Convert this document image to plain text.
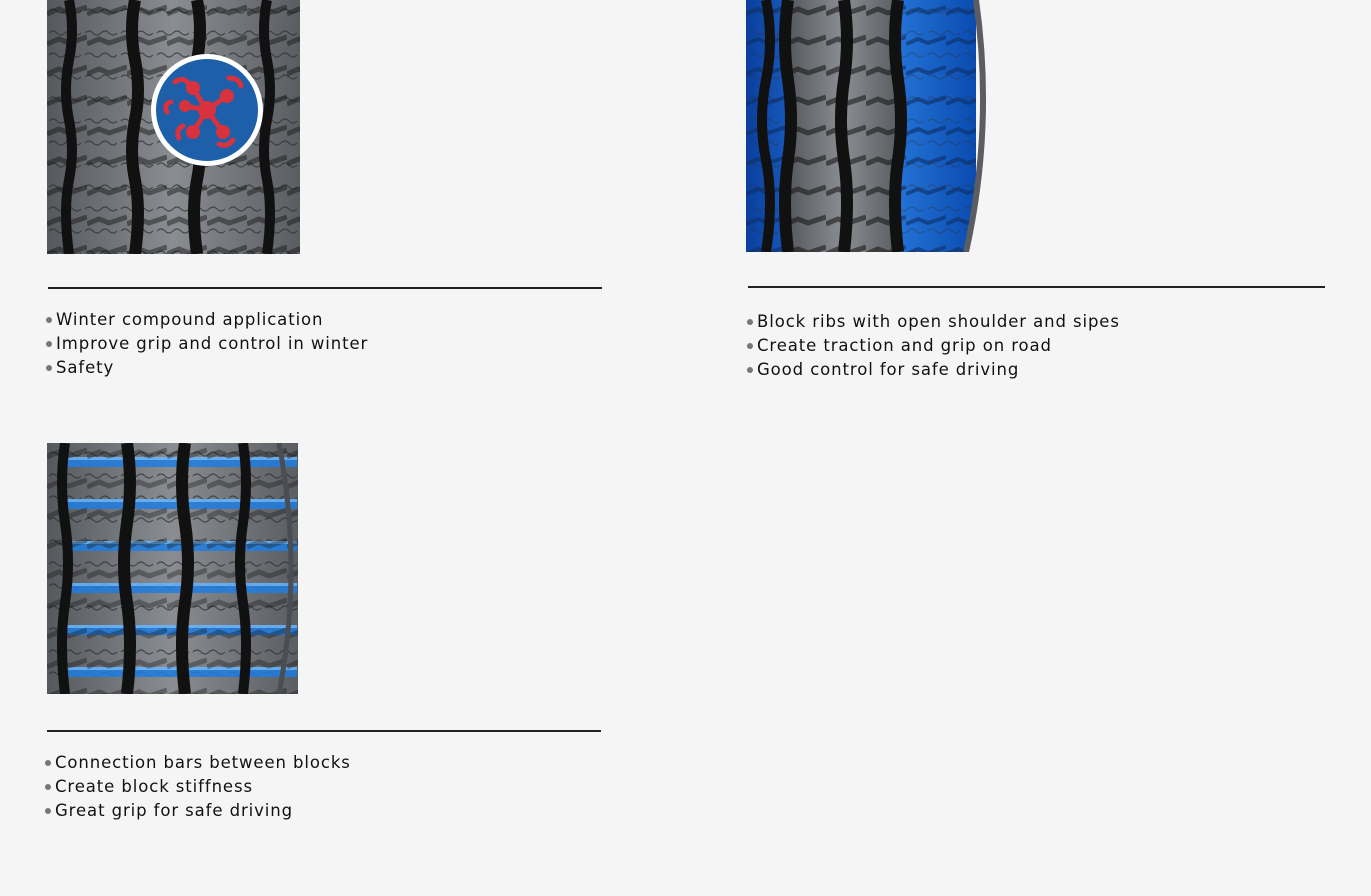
Winter compound application
Improve grip and control in winter
Safety
Block ribs with open shoulder and sipes
Create traction and grip on road
Good control for safe driving
Connection bars between blocks
Create block stiffness
Great grip for safe driving
